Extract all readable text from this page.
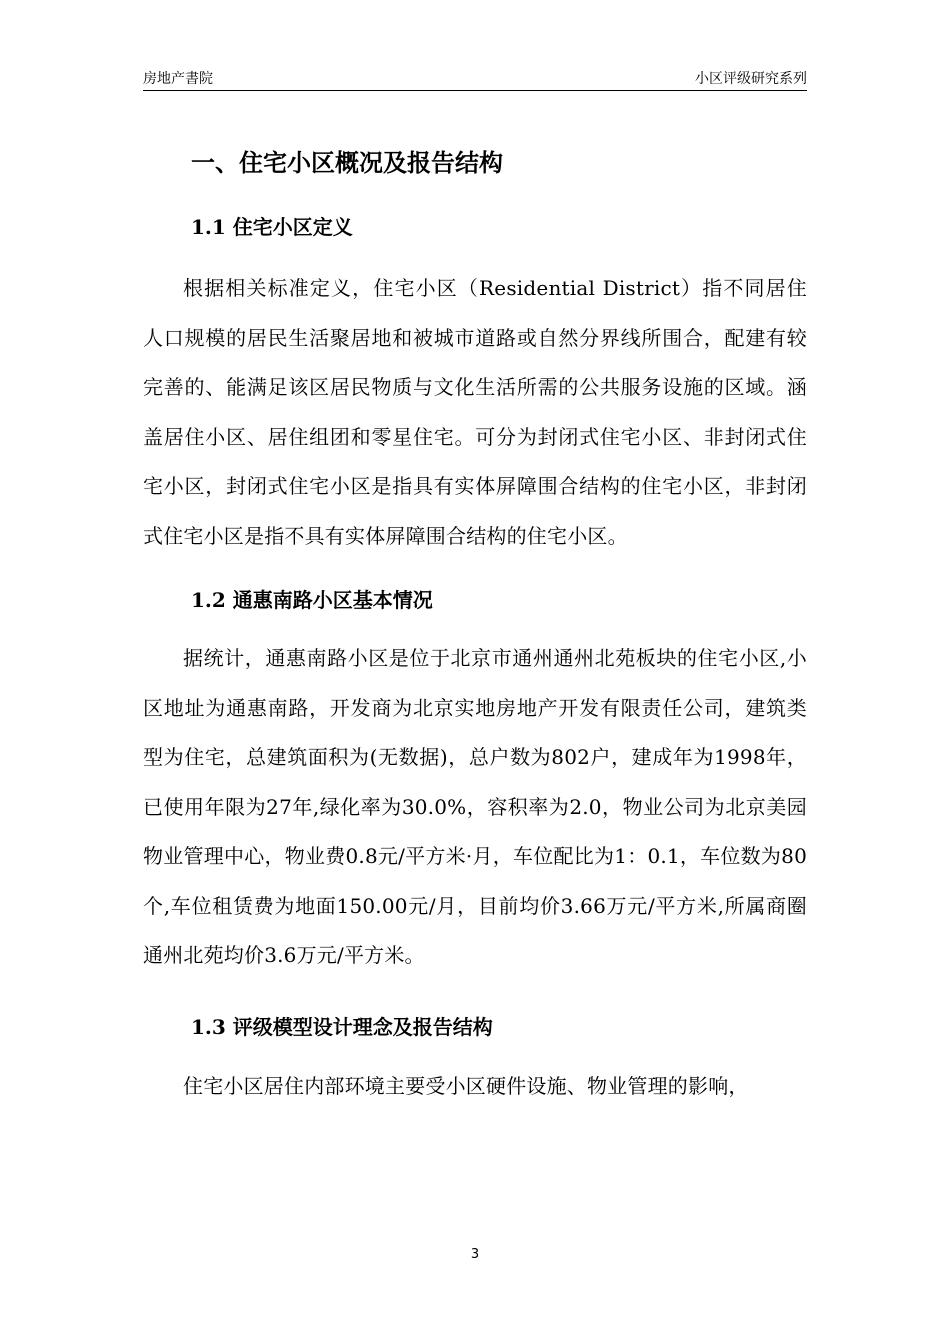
房地产書院	小区评级研究系列
一、住宅小区概况及报告结构
1.1 住宅小区定义

根据相关标准定义，住宅小区（Residential District）指不同居住人口规模的居民生活聚居地和被城市道路或自然分界线所围合，配建有较完善的、能满足该区居民物质与文化生活所需的公共服务设施的区域。涵盖居住小区、居住组团和零星住宅。可分为封闭式住宅小区、非封闭式住宅小区，封闭式住宅小区是指具有实体屏障围合结构的住宅小区，非封闭式住宅小区是指不具有实体屏障围合结构的住宅小区。

1.2 通惠南路小区基本情况

据统计，通惠南路小区是位于北京市通州通州北苑板块的住宅小区,小区地址为通惠南路，开发商为北京实地房地产开发有限责任公司，建筑类型为住宅，总建筑面积为(无数据)，总户数为802户，建成年为1998年，已使用年限为27年,绿化率为30.0%，容积率为2.0，物业公司为北京美园物业管理中心，物业费0.8元/平方米·月，车位配比为1：0.1，车位数为80个,车位租赁费为地面150.00元/月，目前均价3.66万元/平方米,所属商圈通州北苑均价3.6万元/平方米。

1.3 评级模型设计理念及报告结构

住宅小区居住内部环境主要受小区硬件设施、物业管理的影响，

3
